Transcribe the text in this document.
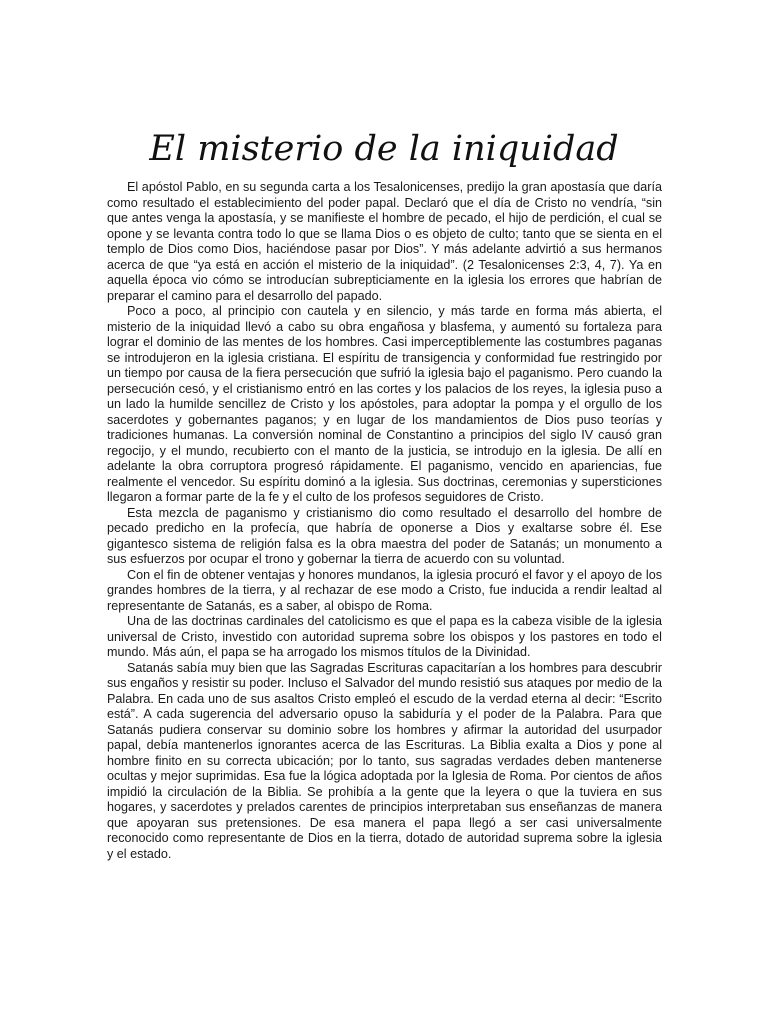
El misterio de la iniquidad

El apóstol Pablo, en su segunda carta a los Tesalonicenses, predijo la gran apostasía que daría como resultado el establecimiento del poder papal. Declaró que el día de Cristo no vendría, “sin que antes venga la apostasía, y se manifieste el hombre de pecado, el hijo de perdición, el cual se opone y se levanta contra todo lo que se llama Dios o es objeto de culto; tanto que se sienta en el templo de Dios como Dios, haciéndose pasar por Dios”. Y más adelante advirtió a sus hermanos acerca de que “ya está en acción el misterio de la iniquidad”. (2 Tesalonicenses 2:3, 4, 7). Ya en aquella época vio cómo se introducían subrepticiamente en la iglesia los errores que habrían de preparar el camino para el desarrollo del papado.

Poco a poco, al principio con cautela y en silencio, y más tarde en forma más abierta, el misterio de la iniquidad llevó a cabo su obra engañosa y blasfema, y aumentó su fortaleza para lograr el dominio de las mentes de los hombres. Casi imperceptiblemente las costumbres paganas se introdujeron en la iglesia cristiana. El espíritu de transigencia y conformidad fue restringido por un tiempo por causa de la fiera persecución que sufrió la iglesia bajo el paganismo. Pero cuando la persecución cesó, y el cristianismo entró en las cortes y los palacios de los reyes, la iglesia puso a un lado la humilde sencillez de Cristo y los apóstoles, para adoptar la pompa y el orgullo de los sacerdotes y gobernantes paganos; y en lugar de los mandamientos de Dios puso teorías y tradiciones humanas. La conversión nominal de Constantino a principios del siglo IV causó gran regocijo, y el mundo, recubierto con el manto de la justicia, se introdujo en la iglesia. De allí en adelante la obra corruptora progresó rápidamente. El paganismo, vencido en apariencias, fue realmente el vencedor. Su espíritu dominó a la iglesia. Sus doctrinas, ceremonias y supersticiones llegaron a formar parte de la fe y el culto de los profesos seguidores de Cristo.

Esta mezcla de paganismo y cristianismo dio como resultado el desarrollo del hombre de pecado predicho en la profecía, que habría de oponerse a Dios y exaltarse sobre él. Ese gigantesco sistema de religión falsa es la obra maestra del poder de Satanás; un monumento a sus esfuerzos por ocupar el trono y gobernar la tierra de acuerdo con su voluntad.

Con el fin de obtener ventajas y honores mundanos, la iglesia procuró el favor y el apoyo de los grandes hombres de la tierra, y al rechazar de ese modo a Cristo, fue inducida a rendir lealtad al representante de Satanás, es a saber, al obispo de Roma.

Una de las doctrinas cardinales del catolicismo es que el papa es la cabeza visible de la iglesia universal de Cristo, investido con autoridad suprema sobre los obispos y los pastores en todo el mundo. Más aún, el papa se ha arrogado los mismos títulos de la Divinidad.

Satanás sabía muy bien que las Sagradas Escrituras capacitarían a los hombres para descubrir sus engaños y resistir su poder. Incluso el Salvador del mundo resistió sus ataques por medio de la Palabra. En cada uno de sus asaltos Cristo empleó el escudo de la verdad eterna al decir: “Escrito está”. A cada sugerencia del adversario opuso la sabiduría y el poder de la Palabra. Para que Satanás pudiera conservar su dominio sobre los hombres y afirmar la autoridad del usurpador papal, debía mantenerlos ignorantes acerca de las Escrituras. La Biblia exalta a Dios y pone al hombre finito en su correcta ubicación; por lo tanto, sus sagradas verdades deben mantenerse ocultas y mejor suprimidas. Esa fue la lógica adoptada por la Iglesia de Roma. Por cientos de años impidió la circulación de la Biblia. Se prohibía a la gente que la leyera o que la tuviera en sus hogares, y sacerdotes y prelados carentes de principios interpretaban sus enseñanzas de manera que apoyaran sus pretensiones. De esa manera el papa llegó a ser casi universalmente reconocido como representante de Dios en la tierra, dotado de autoridad suprema sobre la iglesia y el estado.
